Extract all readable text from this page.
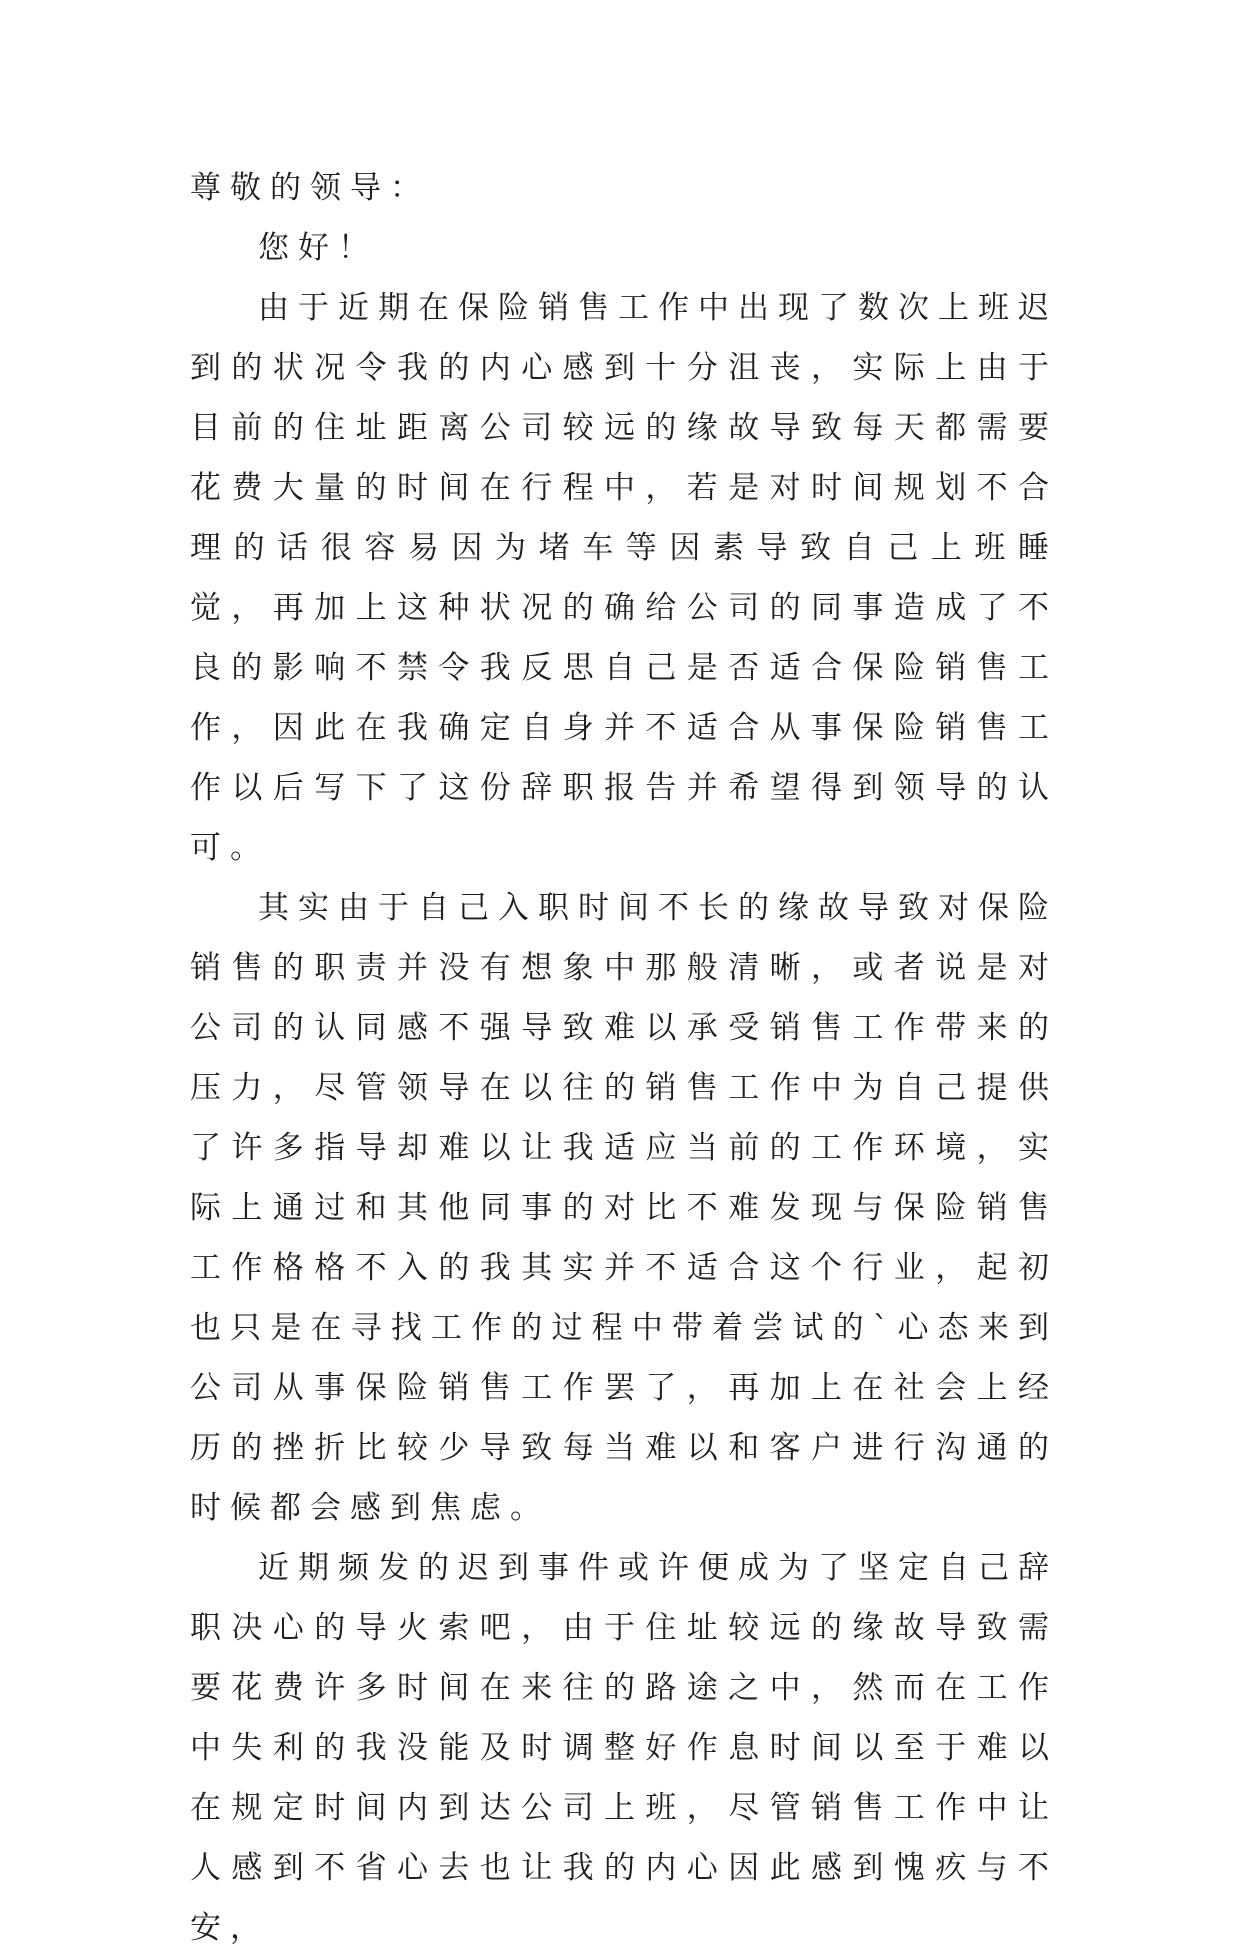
尊敬的领导：

您好！

由于近期在保险销售工作中出现了数次上班迟到的状况令我的内心感到十分沮丧，实际上由于目前的住址距离公司较远的缘故导致每天都需要花费大量的时间在行程中，若是对时间规划不合理的话很容易因为堵车等因素导致自己上班睡觉，再加上这种状况的确给公司的同事造成了不良的影响不禁令我反思自己是否适合保险销售工作，因此在我确定自身并不适合从事保险销售工作以后写下了这份辞职报告并希望得到领导的认可。

其实由于自己入职时间不长的缘故导致对保险销售的职责并没有想象中那般清晰，或者说是对公司的认同感不强导致难以承受销售工作带来的压力，尽管领导在以往的销售工作中为自己提供了许多指导却难以让我适应当前的工作环境，实际上通过和其他同事的对比不难发现与保险销售工作格格不入的我其实并不适合这个行业，起初也只是在寻找工作的过程中带着尝试的`心态来到公司从事保险销售工作罢了，再加上在社会上经历的挫折比较少导致每当难以和客户进行沟通的时候都会感到焦虑。

近期频发的迟到事件或许便成为了坚定自己辞职决心的导火索吧，由于住址较远的缘故导致需要花费许多时间在来往的路途之中，然而在工作中失利的我没能及时调整好作息时间以至于难以在规定时间内到达公司上班，尽管销售工作中让人感到不省心去也让我的内心因此感到愧疚与不安，
